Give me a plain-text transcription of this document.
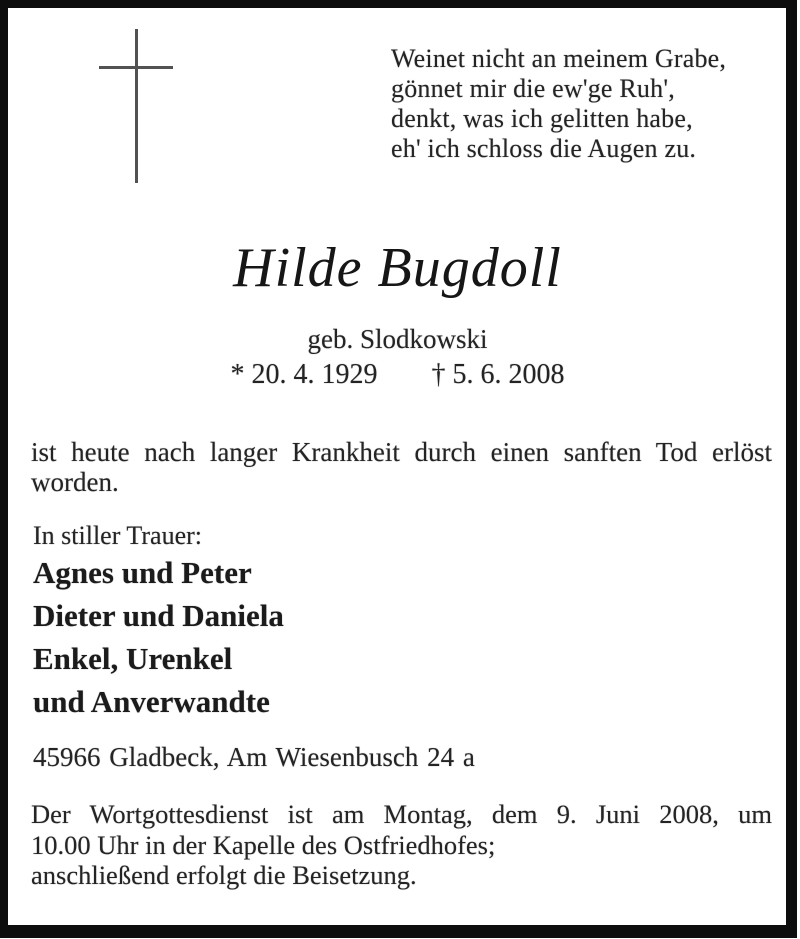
Weinet nicht an meinem Grabe,
gönnet mir die ew'ge Ruh',
denkt, was ich gelitten habe,
eh' ich schloss die Augen zu.
Hilde Bugdoll
geb. Slodkowski
* 20. 4. 1929 † 5. 6. 2008
ist heute nach langer Krankheit durch einen sanften Tod erlöst
worden.
In stiller Trauer:
Agnes und Peter
Dieter und Daniela
Enkel, Urenkel
und Anverwandte
45966 Gladbeck, Am Wiesenbusch 24 a
Der Wortgottesdienst ist am Montag, dem 9. Juni 2008, um
10.00 Uhr in der Kapelle des Ostfriedhofes;
anschließend erfolgt die Beisetzung.
